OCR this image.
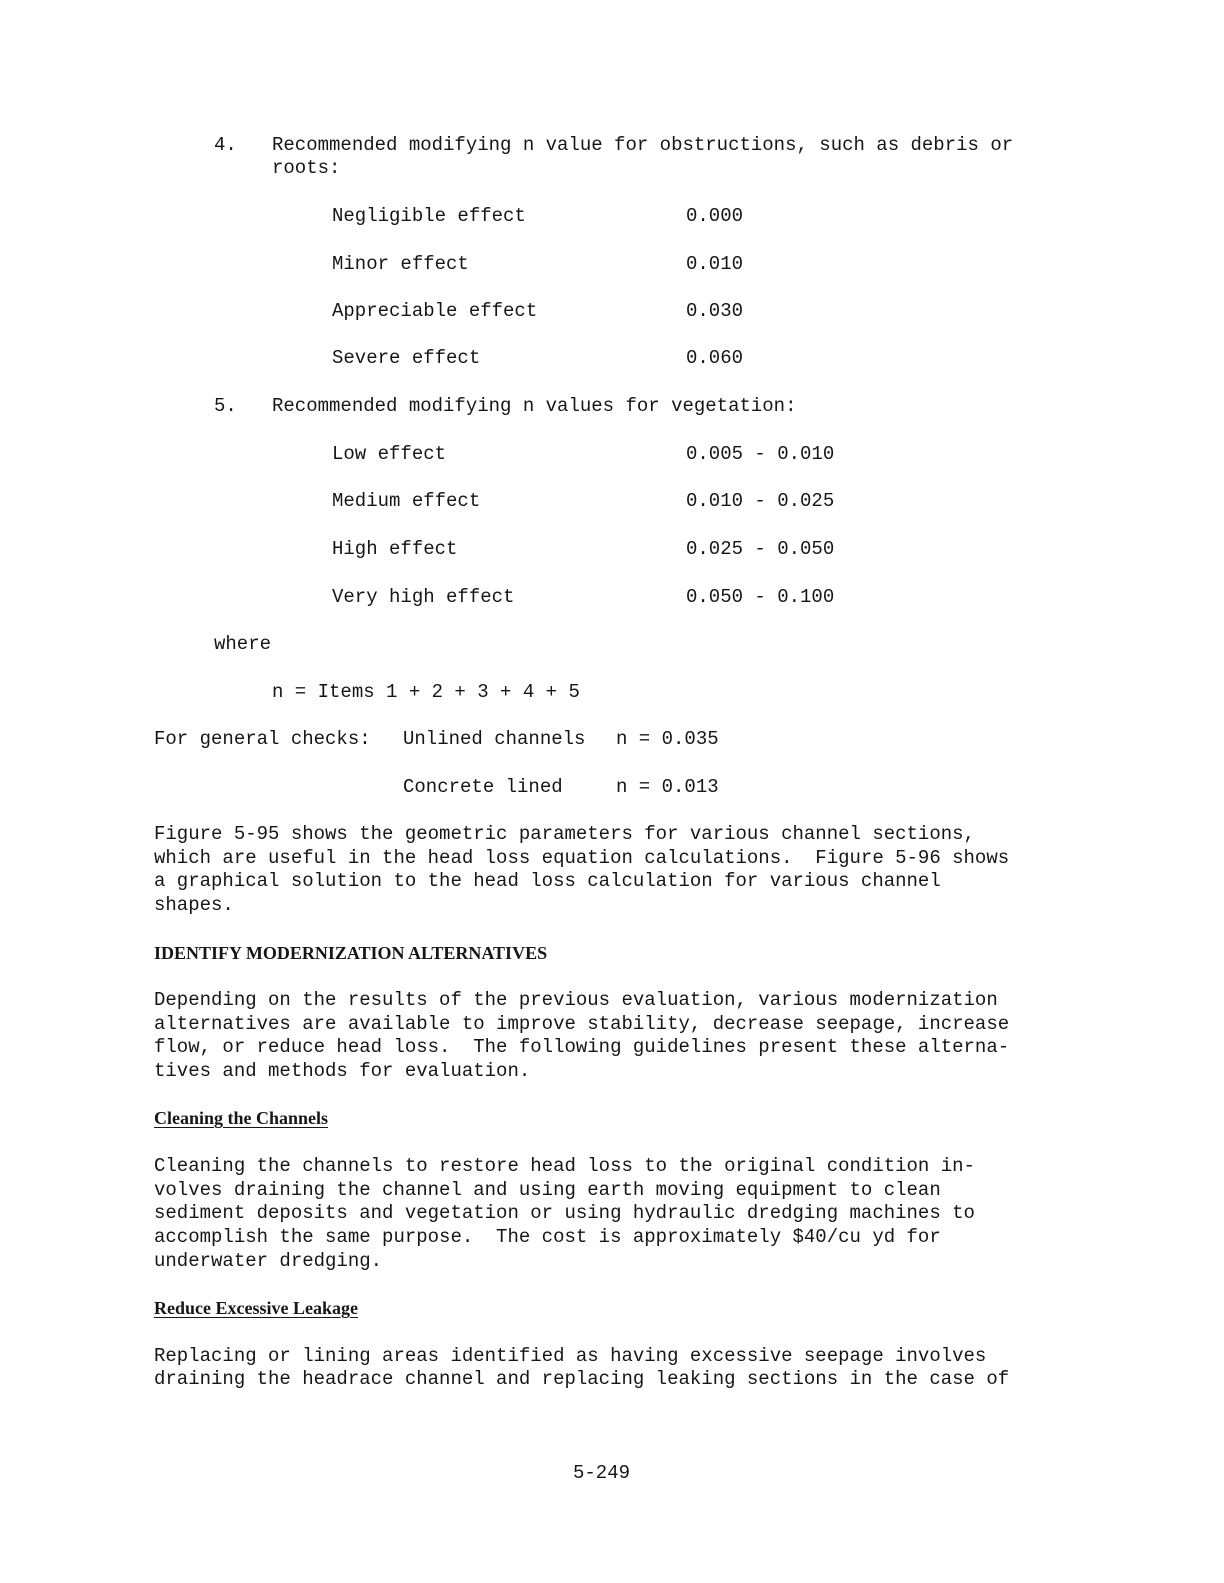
4. Recommended modifying n value for obstructions, such as debris or
roots:
Negligible effect	0.000
Minor effect	0.010
Appreciable effect	0.030
Severe effect	0.060
5. Recommended modifying n values for vegetation:
Low effect	0.005 - 0.010
Medium effect	0.010 - 0.025
High effect	0.025 - 0.050
Very high effect	0.050 - 0.100
where
n = Items 1 + 2 + 3 + 4 + 5
For general checks: Unlined channels n = 0.035
Concrete lined	n = 0.013
Figure 5-95 shows the geometric parameters for various channel sections,
which are useful in the head loss equation calculations.  Figure 5-96 shows
a graphical solution to the head loss calculation for various channel
shapes.
IDENTIFY MODERNIZATION ALTERNATIVES
Depending on the results of the previous evaluation, various modernization
alternatives are available to improve stability, decrease seepage, increase
flow, or reduce head loss.  The following guidelines present these alterna-
tives and methods for evaluation.
Cleaning the Channels
Cleaning the channels to restore head loss to the original condition in-
volves draining the channel and using earth moving equipment to clean
sediment deposits and vegetation or using hydraulic dredging machines to
accomplish the same purpose.  The cost is approximately $40/cu yd for
underwater dredging.
Reduce Excessive Leakage
Replacing or lining areas identified as having excessive seepage involves
draining the headrace channel and replacing leaking sections in the case of
5-249
